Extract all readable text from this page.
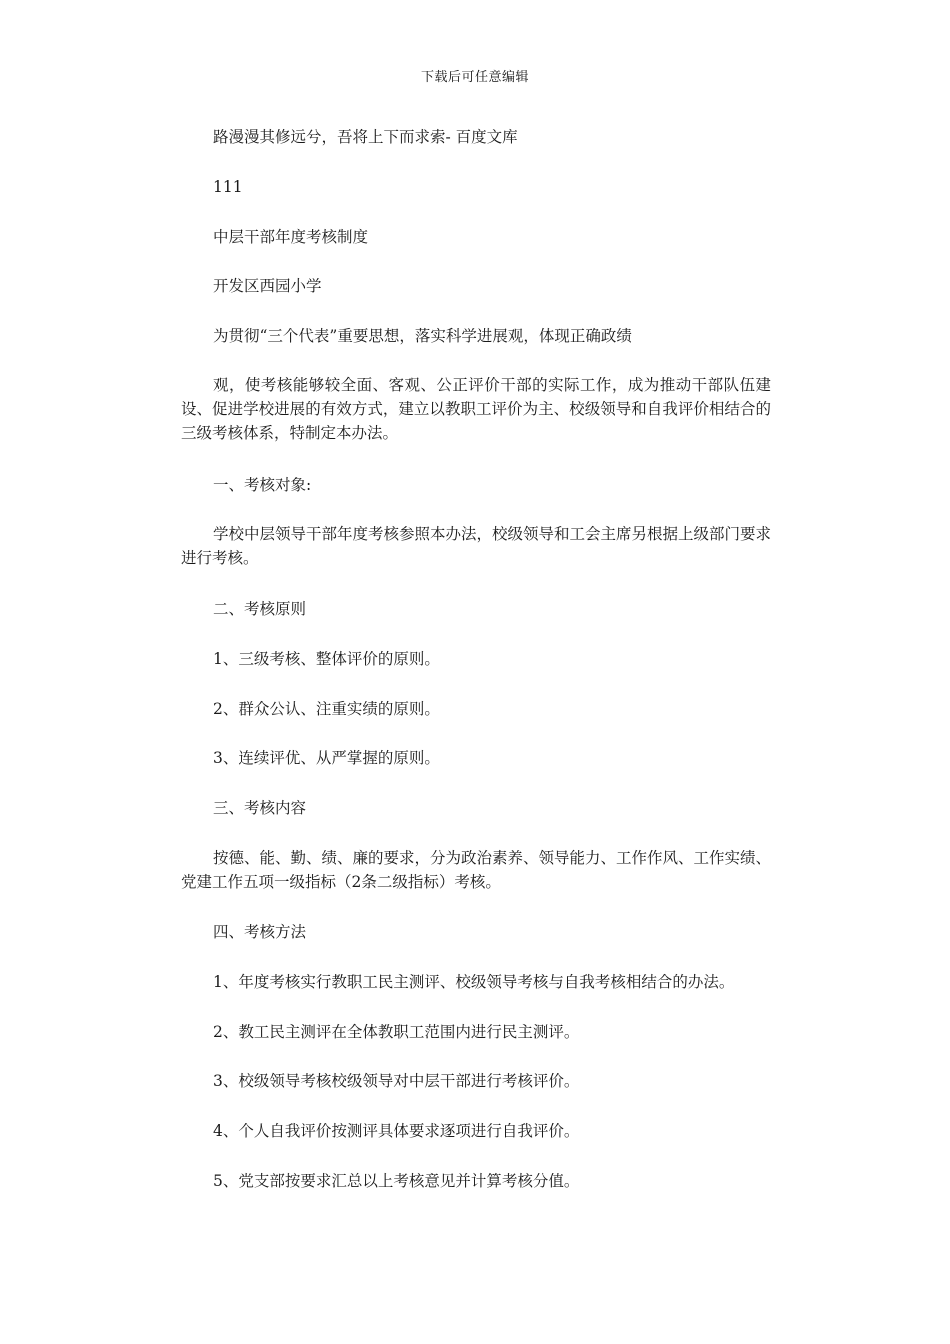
下载后可任意编辑

路漫漫其修远兮，吾将上下而求索- 百度文库

111

中层干部年度考核制度

开发区西园小学

为贯彻“三个代表”重要思想，落实科学进展观，体现正确政绩

观，使考核能够较全面、客观、公正评价干部的实际工作，成为推动干部队伍建设、促进学校进展的有效方式，建立以教职工评价为主、校级领导和自我评价相结合的三级考核体系，特制定本办法。

一、考核对象:

学校中层领导干部年度考核参照本办法，校级领导和工会主席另根据上级部门要求进行考核。

二、考核原则

1、三级考核、整体评价的原则。

2、群众公认、注重实绩的原则。

3、连续评优、从严掌握的原则。

三、考核内容

按德、能、勤、绩、廉的要求，分为政治素养、领导能力、工作作风、工作实绩、党建工作五项一级指标（2条二级指标）考核。

四、考核方法

1、年度考核实行教职工民主测评、校级领导考核与自我考核相结合的办法。

2、教工民主测评在全体教职工范围内进行民主测评。

3、校级领导考核校级领导对中层干部进行考核评价。

4、个人自我评价按测评具体要求逐项进行自我评价。

5、党支部按要求汇总以上考核意见并计算考核分值。
